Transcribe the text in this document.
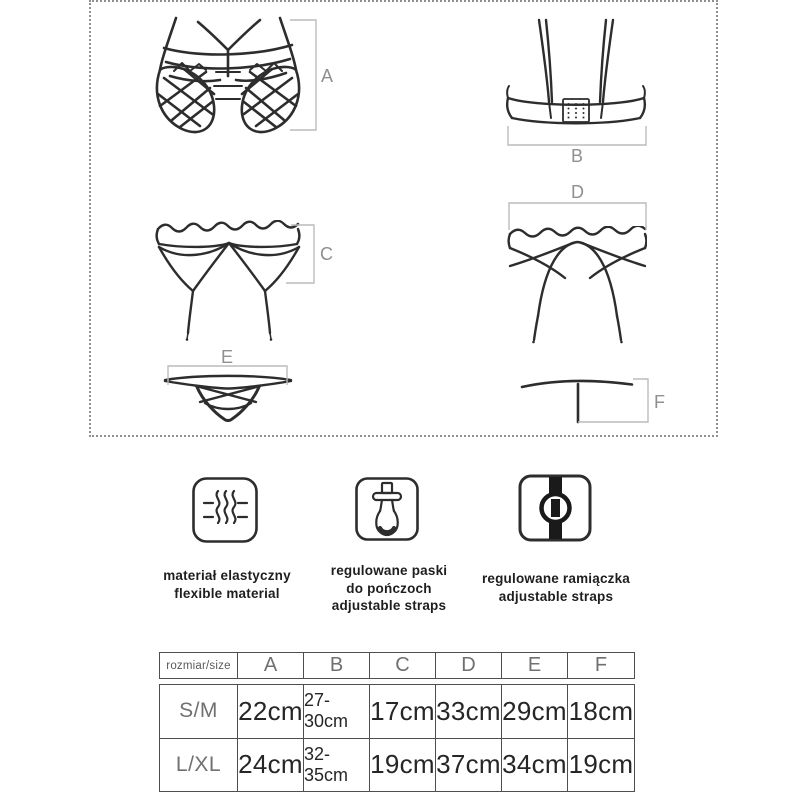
A
B
C
D
E
F
materiał elastyczny
flexible material
regulowane paski
do pończoch
adjustable straps
regulowane ramiączka
adjustable straps
rozmiar/size	A	B	C	D	E	F
S/M 22cm 27-30cm 17cm 33cm 29cm 18cm
L/XL 24cm 32-35cm 19cm 37cm 34cm 19cm
